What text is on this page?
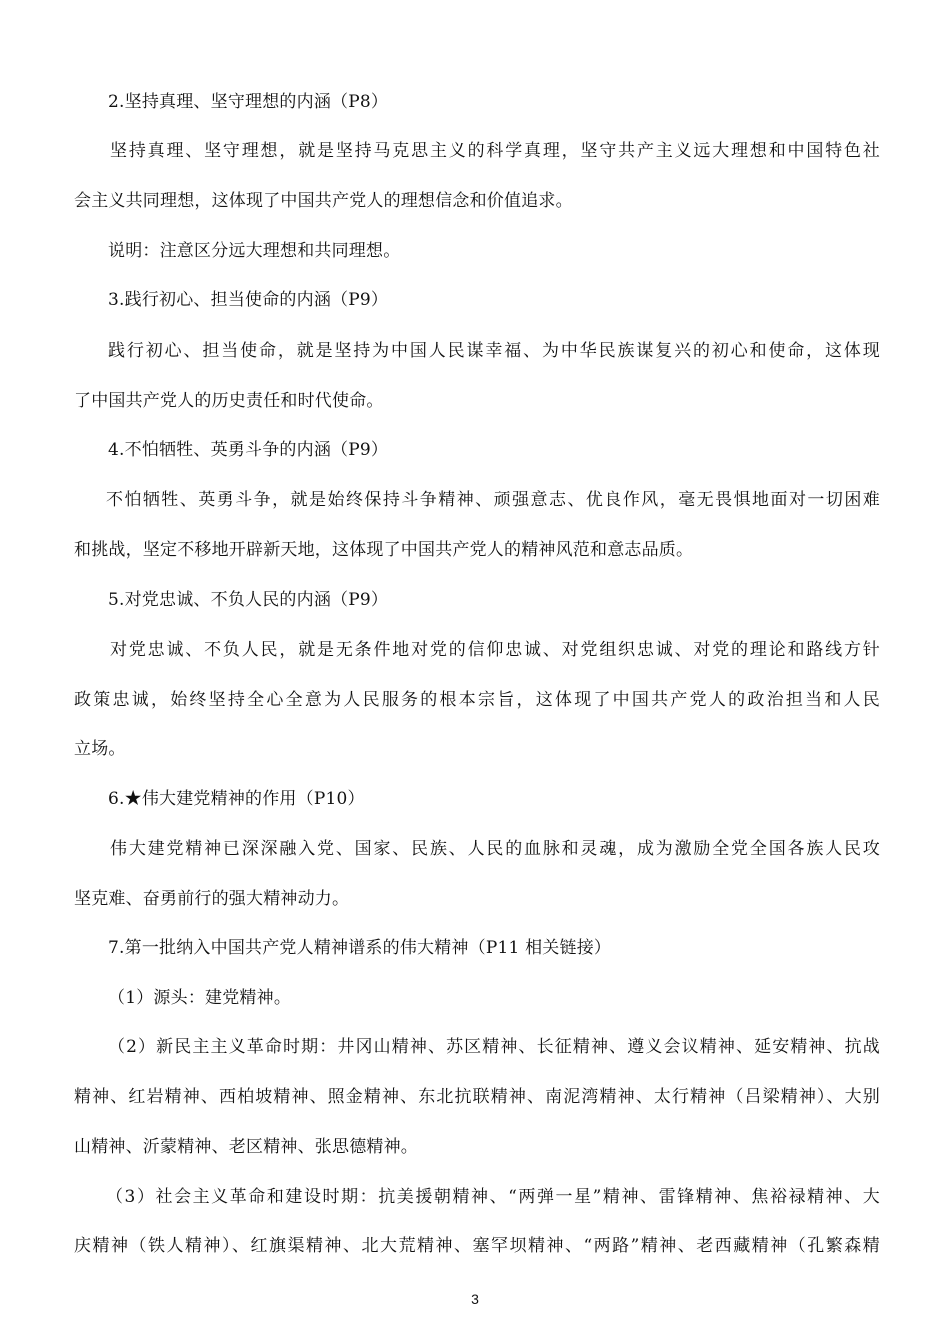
2.坚持真理、坚守理想的内涵（P8）
坚持真理、坚守理想，就是坚持马克思主义的科学真理，坚守共产主义远大理想和中国特色社
会主义共同理想，这体现了中国共产党人的理想信念和价值追求。
说明：注意区分远大理想和共同理想。
3.践行初心、担当使命的内涵（P9）
践行初心、担当使命，就是坚持为中国人民谋幸福、为中华民族谋复兴的初心和使命，这体现
了中国共产党人的历史责任和时代使命。
4.不怕牺牲、英勇斗争的内涵（P9）
不怕牺牲、英勇斗争，就是始终保持斗争精神、顽强意志、优良作风，毫无畏惧地面对一切困难
和挑战，坚定不移地开辟新天地，这体现了中国共产党人的精神风范和意志品质。
5.对党忠诚、不负人民的内涵（P9）
对党忠诚、不负人民，就是无条件地对党的信仰忠诚、对党组织忠诚、对党的理论和路线方针
政策忠诚，始终坚持全心全意为人民服务的根本宗旨，这体现了中国共产党人的政治担当和人民
立场。
6.★伟大建党精神的作用（P10）
伟大建党精神已深深融入党、国家、民族、人民的血脉和灵魂，成为激励全党全国各族人民攻
坚克难、奋勇前行的强大精神动力。
7.第一批纳入中国共产党人精神谱系的伟大精神（P11 相关链接）
（1）源头：建党精神。
（2）新民主主义革命时期：井冈山精神、苏区精神、长征精神、遵义会议精神、延安精神、抗战
精神、红岩精神、西柏坡精神、照金精神、东北抗联精神、南泥湾精神、太行精神（吕梁精神）、大别
山精神、沂蒙精神、老区精神、张思德精神。
（3）社会主义革命和建设时期：抗美援朝精神、“两弹一星”精神、雷锋精神、焦裕禄精神、大
庆精神（铁人精神）、红旗渠精神、北大荒精神、塞罕坝精神、“两路”精神、老西藏精神（孔繁森精
3
